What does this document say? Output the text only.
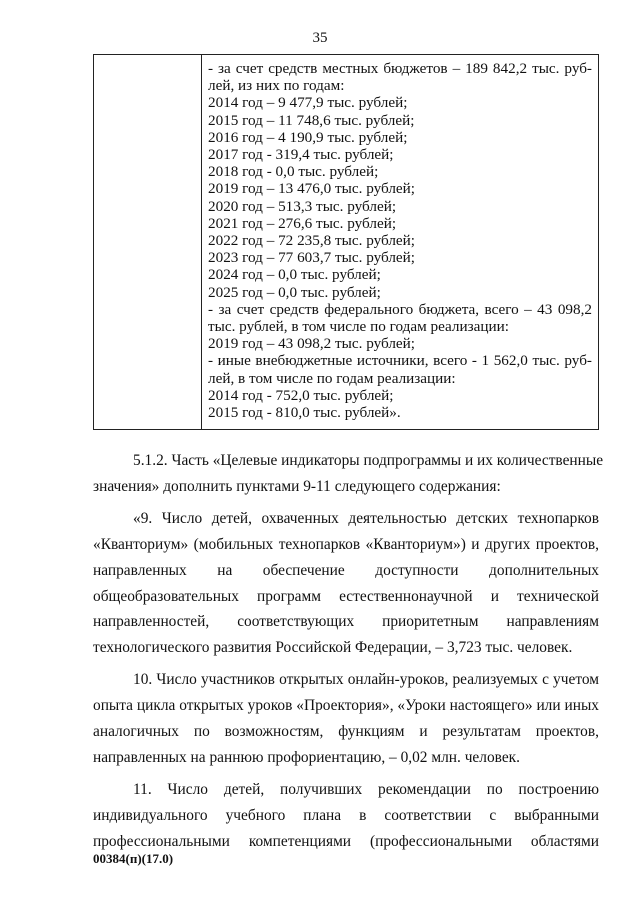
35
- за счет средств местных бюджетов – 189 842,2 тыс. руб-
лей, из них по годам:
2014 год – 9 477,9 тыс. рублей;
2015 год – 11 748,6 тыс. рублей;
2016 год – 4 190,9 тыс. рублей;
2017 год - 319,4 тыс. рублей;
2018 год - 0,0 тыс. рублей;
2019 год – 13 476,0 тыс. рублей;
2020 год – 513,3 тыс. рублей;
2021 год – 276,6 тыс. рублей;
2022 год – 72 235,8 тыс. рублей;
2023 год – 77 603,7 тыс. рублей;
2024 год – 0,0 тыс. рублей;
2025 год – 0,0 тыс. рублей;
- за счет средств федерального бюджета, всего – 43 098,2
тыс. рублей, в том числе по годам реализации:
2019 год – 43 098,2 тыс. рублей;
- иные внебюджетные источники, всего - 1 562,0 тыс. руб-
лей, в том числе по годам реализации:
2014 год - 752,0 тыс. рублей;
2015 год - 810,0 тыс. рублей».
5.1.2. Часть «Целевые индикаторы подпрограммы и их количественные
значения» дополнить пунктами 9-11 следующего содержания:
«9. Число детей, охваченных деятельностью детских технопарков
«Кванториум» (мобильных технопарков «Кванториум») и других проектов,
направленных на обеспечение доступности дополнительных
общеобразовательных программ естественнонаучной и технической
направленностей, соответствующих приоритетным направлениям
технологического развития Российской Федерации, – 3,723 тыс. человек.
10. Число участников открытых онлайн-уроков, реализуемых с учетом
опыта цикла открытых уроков «Проектория», «Уроки настоящего» или иных
аналогичных по возможностям, функциям и результатам проектов,
направленных на раннюю профориентацию, – 0,02 млн. человек.
11. Число детей, получивших рекомендации по построению
индивидуального учебного плана в соответствии с выбранными
профессиональными компетенциями (профессиональными областями
00384(п)(17.0)
